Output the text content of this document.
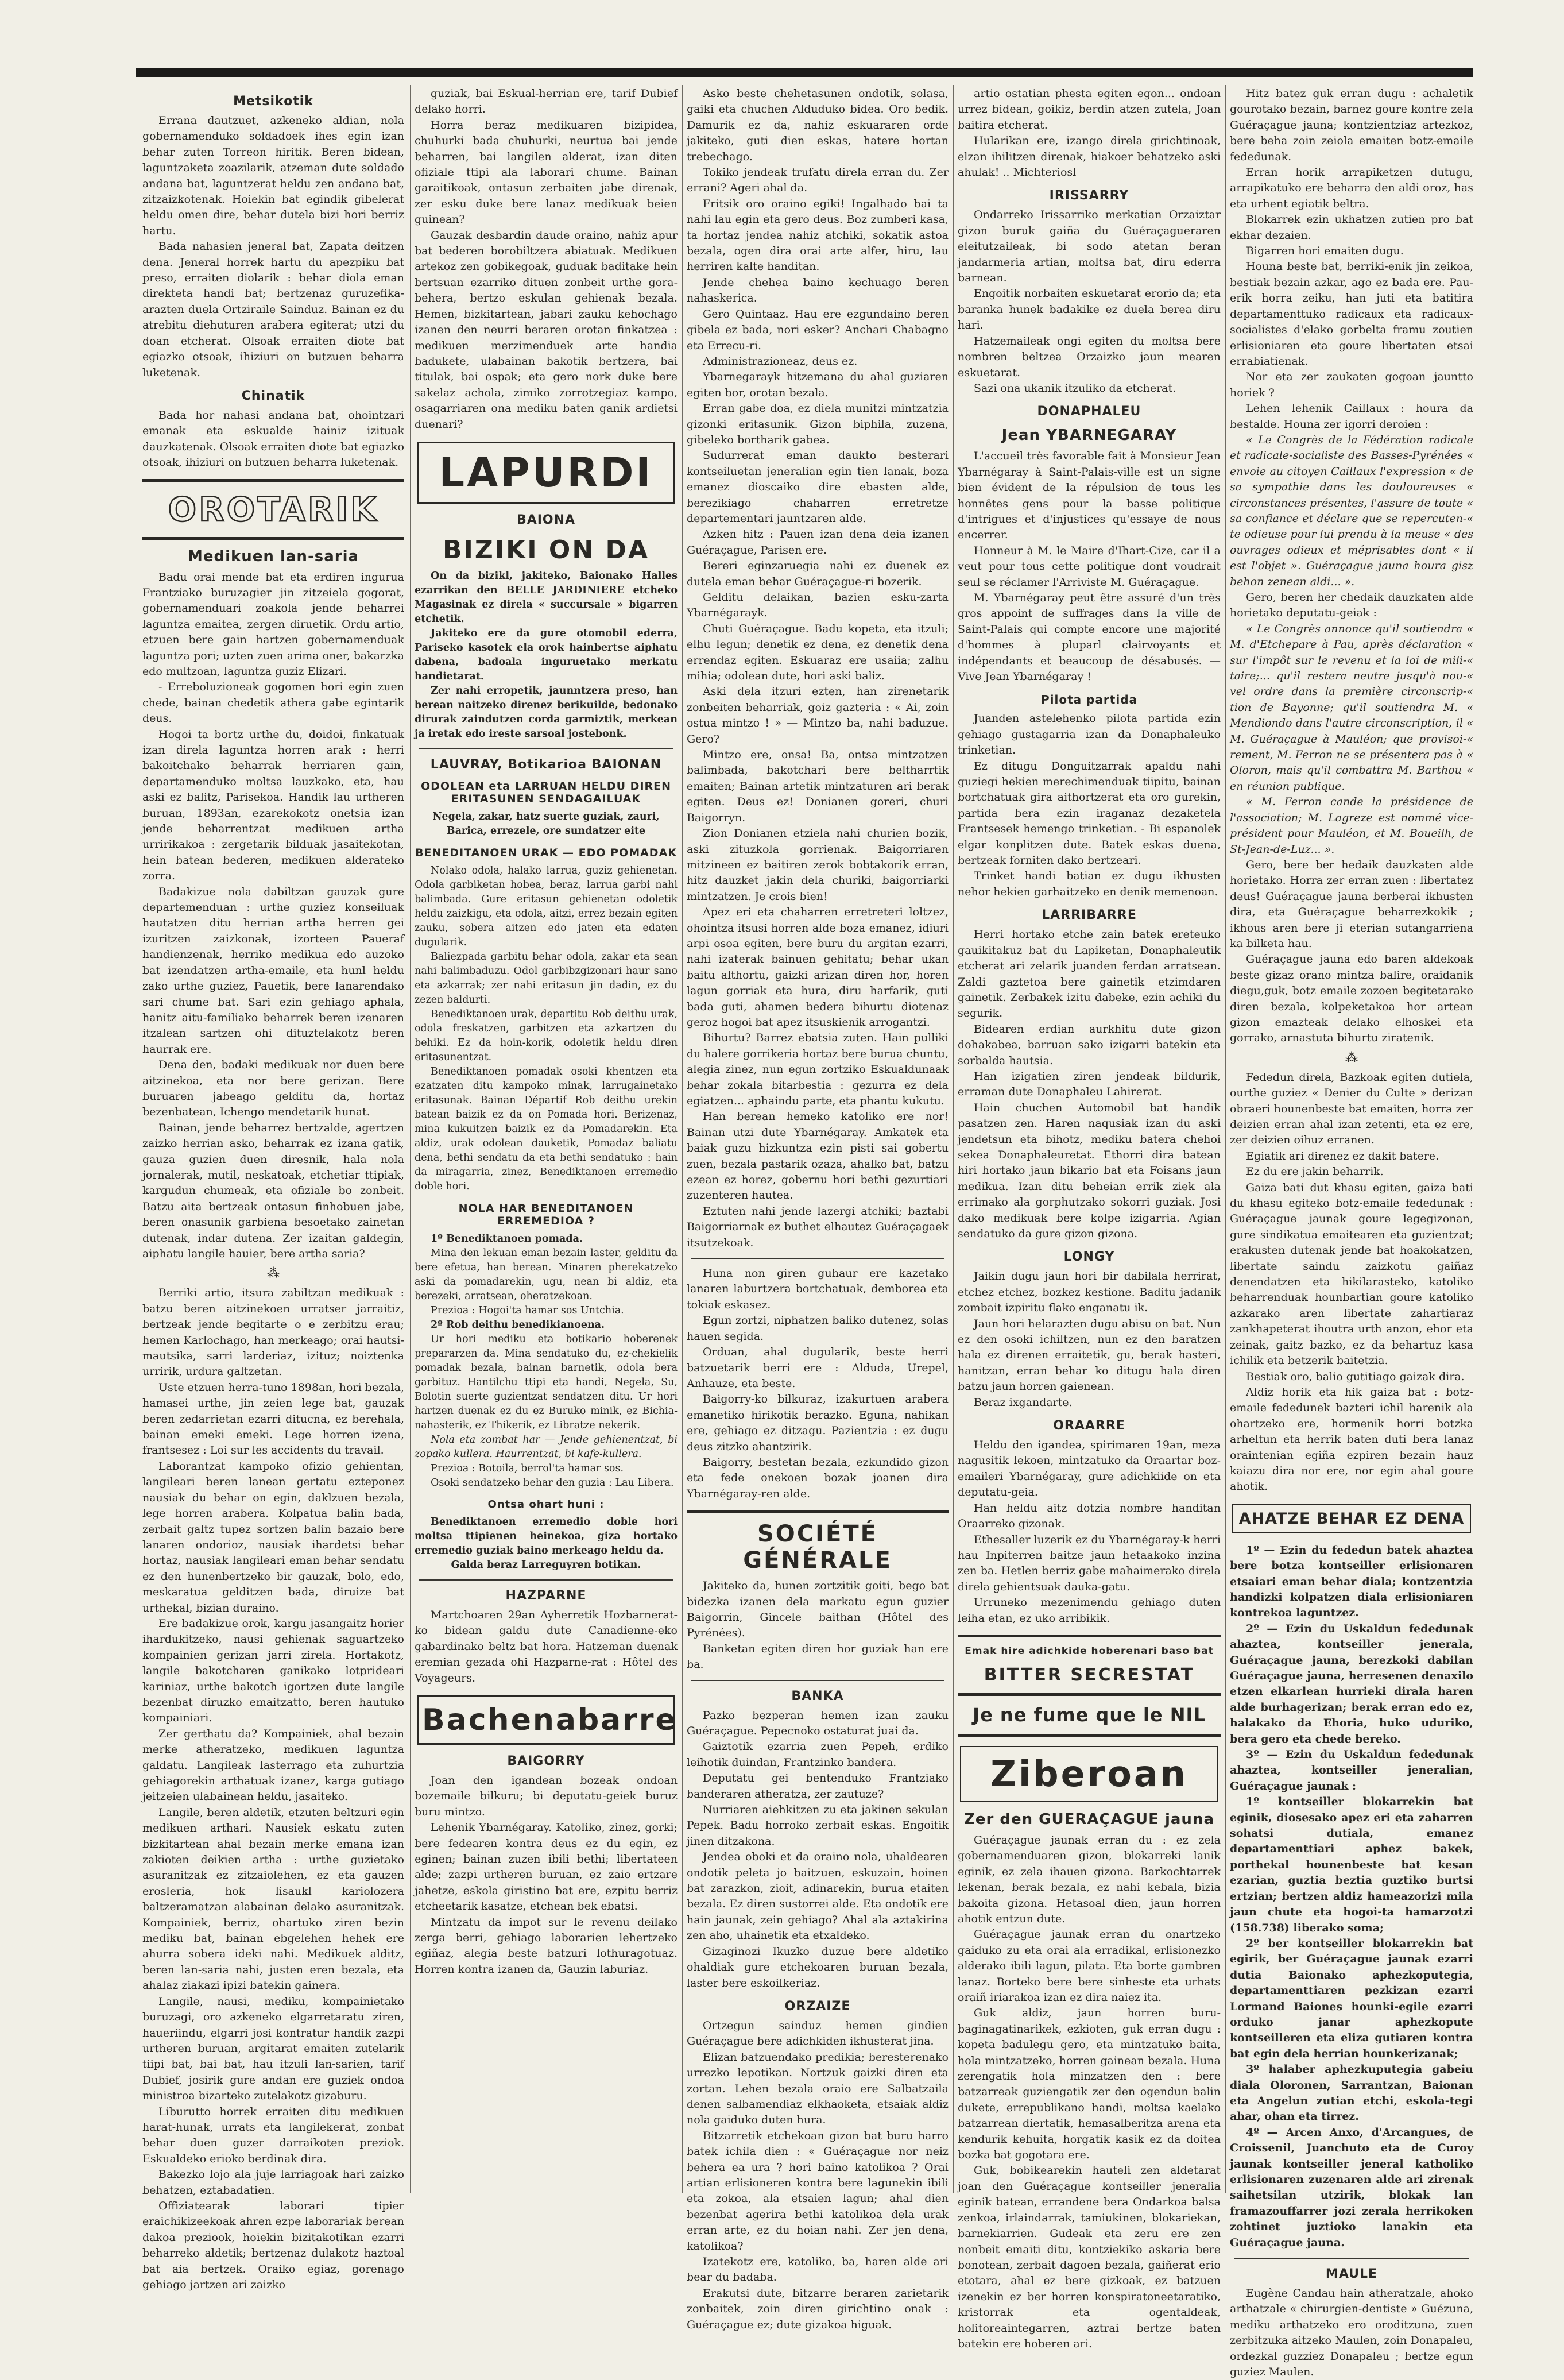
Metsikotik

Errana dautzuet, azkeneko aldian, nola gobernamenduko soldadoek ihes egin izan behar zuten Torreon hiritik. Beren bidean, laguntzaketa zoazilarik, atzeman dute soldado andana bat, laguntzerat heldu zen andana bat, zitzaizkotenak. Hoiekin bat egindik gibelerat heldu omen dire, behar dutela bizi hori berriz hartu.

Bada nahasien jeneral bat, Zapata deitzen dena. Jeneral horrek hartu du apezpiku bat preso, erraiten diolarik : behar diola eman direkteta handi bat; bertzenaz guruzefika-arazten duela Ortziraile Sainduz. Bainan ez du atrebitu diehuturen arabera egiterat; utzi du doan etcherat. Olsoak erraiten diote bat egiazko otsoak, ihiziuri on butzuen beharra luketenak.

Chinatik

Bada hor nahasi andana bat, ohointzari emanak eta eskualde hainiz izituak dauzkatenak. Olsoak erraiten diote bat egiazko otsoak, ihiziuri on butzuen beharra luketenak.

OROTARIK
Medikuen lan-saria

Badu orai mende bat eta erdiren ingurua Frantziako buruzagier jin zitzeiela gogorat, gobernamenduari zoakola jende beharrei laguntza emaitea, zergen diruetik. Ordu artio, etzuen bere gain hartzen gobernamenduak laguntza pori; uzten zuen arima oner, bakarzka edo multzoan, laguntza guziz Elizari.

- Erreboluzioneak gogomen hori egin zuen chede, bainan chedetik athera gabe egintarik deus.

Hogoi ta bortz urthe du, doidoi, finkatuak izan direla laguntza horren arak : herri bakoitchako beharrak herriaren gain, departamenduko moltsa lauzkako, eta, hau aski ez balitz, Parisekoa. Handik lau urtheren buruan, 1893an, ezarekokotz onetsia izan jende beharrentzat medikuen artha urririkakoa : zergetarik bilduak jasaitekotan, hein batean bederen, medikuen alderateko zorra.

Badakizue nola dabiltzan gauzak gure departemenduan : urthe guziez konseiluak hautatzen ditu herrian artha herren gei izuritzen zaizkonak, izorteen Paueraf handienzenak, herriko medikua edo auzoko bat izendatzen artha-emaile, eta hunl heldu zako urthe guziez, Pauetik, bere lanarendako sari chume bat. Sari ezin gehiago aphala, hanitz aitu-familiako beharrek beren izenaren itzalean sartzen ohi dituztelakotz beren haurrak ere.

Dena den, badaki medikuak nor duen bere aitzinekoa, eta nor bere gerizan. Bere buruaren jabeago gelditu da, hortaz bezenbatean, Ichengo mendetarik hunat.

Bainan, jende beharrez bertzalde, agertzen zaizko herrian asko, beharrak ez izana gatik, gauza guzien duen diresnik, hala nola jornalerak, mutil, neskatoak, etchetiar ttipiak, kargudun chumeak, eta ofiziale bo zonbeit. Batzu aita bertzeak ontasun finhobuen jabe, beren onasunik garbiena besoetako zainetan dutenak, indar dutena. Zer izaitan galdegin, aiphatu langile hauier, bere artha saria?

⁂

Berriki artio, itsura zabiltzan medikuak : batzu beren aitzinekoen urratser jarraitiz, bertzeak jende begitarte o e zerbitzu erau; hemen Karlochago, han merkeago; orai hautsi-mautsika, sarri larderiaz, izituz; noiztenka urririk, urdura galtzetan.

Uste etzuen herra-tuno 1898an, hori bezala, hamasei urthe, jin zeien lege bat, gauzak beren zedarrietan ezarri ditucna, ez berehala, bainan emeki emeki. Lege horren izena, frantsesez : Loi sur les accidents du travail.

Laborantzat kampoko ofizio gehientan, langileari beren lanean gertatu ezteponez nausiak du behar on egin, daklzuen bezala, lege horren arabera. Kolpatua balin bada, zerbait galtz tupez sortzen balin bazaio bere lanaren ondorioz, nausiak ihardetsi behar hortaz, nausiak langileari eman behar sendatu ez den hunenbertzeko bir gauzak, bolo, edo, meskaratua gelditzen bada, diruize bat urthekal, bizian duraino.

Ere badakizue orok, kargu jasangaitz horier ihardukitzeko, nausi gehienak saguartzeko kompainien gerizan jarri zirela. Hortakotz, langile bakotcharen ganikako lotprideari kariniaz, urthe bakotch igortzen dute langile bezenbat diruzko emaitzatto, beren hautuko kompainiari.

Zer gerthatu da? Kompainiek, ahal bezain merke atheratzeko, medikuen laguntza galdatu. Langileak lasterrago eta zuhurtzia gehiagorekin arthatuak izanez, karga gutiago jeitzeien ulabainean heldu, jasaiteko.

Langile, beren aldetik, etzuten beltzuri egin medikuen arthari. Nausiek eskatu zuten bizkitartean ahal bezain merke emana izan zakioten deikien artha : urthe guzietako asuranitzak ez zitzaiolehen, ez eta gauzen erosleria, hok lisaukl kariolozera baltzeramatzan alabainan delako asuranitzak. Kompainiek, berriz, ohartuko ziren bezin mediku bat, bainan ebgelehen hehek ere ahurra sobera ideki nahi. Medikuek alditz, beren lan-saria nahi, justen eren bezala, eta ahalaz ziakazi ipizi batekin gainera.

Langile, nausi, mediku, kompainietako buruzagi, oro azkeneko elgarretaratu ziren, haueriindu, elgarri josi kontratur handik zazpi urtheren buruan, argitarat emaiten zutelarik tiipi bat, bai bat, hau itzuli lan-sarien, tarif Dubief, josirik gure andan ere guziek ondoa ministroa bizarteko zutelakotz gizaburu.

Liburutto horrek erraiten ditu medikuen harat-hunak, urrats eta langilekerat, zonbat behar duen guzer darraikoten preziok. Eskualdeko erioko berdinak dira.

Bakezko lojo ala juje larriagoak hari zaizko behatzen, eztabadatien.

Offiziatearak laborari tipier eraichikizeekoak ahren ezpe laborariak berean dakoa preziook, hoiekin bizitakotikan ezarri beharreko aldetik; bertzenaz dulakotz haztoal bat aia bertzek. Oraiko egiaz, gorenago gehiago jartzen ari zaizko

guziak, bai Eskual-herrian ere, tarif Dubief delako horri.

Horra beraz medikuaren bizipidea, chuhurki bada chuhurki, neurtua bai jende beharren, bai langilen alderat, izan diten ofiziale ttipi ala laborari chume. Bainan garaitikoak, ontasun zerbaiten jabe direnak, zer esku duke bere lanaz medikuak beien guinean?

Gauzak desbardin daude oraino, nahiz apur bat bederen borobiltzera abiatuak. Medikuen artekoz zen gobikegoak, guduak baditake hein bertsuan ezarriko dituen zonbeit urthe gora-behera, bertzo eskulan gehienak bezala. Hemen, bizkitartean, jabari zauku kehochago izanen den neurri beraren orotan finkatzea : medikuen merzimenduek arte handia badukete, ulabainan bakotik bertzera, bai titulak, bai ospak; eta gero nork duke bere sakelaz achola, zimiko zorrotzegiaz kampo, osagarriaren ona mediku baten ganik ardietsi duenari?

LAPURDI
BAIONA
BIZIKI ON DA

On da bizikl, jakiteko, Baionako Halles ezarrikan den BELLE JARDINIERE etcheko Magasinak ez direla « succursale » bigarren etchetik.

Jakiteko ere da gure otomobil ederra, Pariseko kasotek ela orok hainbertse aiphatu dabena, badoala inguruetako merkatu handietarat.

Zer nahi erropetik, jaunntzera preso, han berean naitzeko direnez berikuilde, bedonako dirurak zaindutzen corda garmiztik, merkean ja iretak edo ireste sarsoal jostebonk.

LAUVRAY, Botikarioa BAIONAN
ODOLEAN eta LARRUAN HELDU DIREN ERITASUNEN SENDAGAILUAK

Negela, zakar, hatz suerte guziak, zauri, Barica, errezele, ore sundatzer eite

BENEDITANOEN URAK — EDO POMADAK

Nolako odola, halako larrua, guziz gehienetan. Odola garbiketan hobea, beraz, larrua garbi nahi balimbada. Gure eritasun gehienetan odoletik heldu zaizkigu, eta odola, aitzi, errez bezain egiten zauku, sobera aitzen edo jaten eta edaten dugularik.

Baliezpada garbitu behar odola, zakar eta sean nahi balimbaduzu. Odol garbibzgizonari haur sano eta azkarrak; zer nahi eritasun jin dadin, ez du zezen baldurti.

Benediktanoen urak, departitu Rob deithu urak, odola freskatzen, garbitzen eta azkartzen du behiki. Ez da hoin-korik, odoletik heldu diren eritasunentzat.

Benediktanoen pomadak osoki khentzen eta ezatzaten ditu kampoko minak, larrugainetako eritasunak. Bainan Départif Rob deithu urekin batean baizik ez da on Pomada hori. Berizenaz, mina kukuitzen baizik ez da Pomadarekin. Eta aldiz, urak odolean dauketik, Pomadaz baliatu dena, bethi sendatu da eta bethi sendatuko : hain da miragarria, zinez, Benediktanoen erremedio doble hori.

NOLA HAR BENEDITANOEN ERREMEDIOA ?

1º Benediktanoen pomada.

Mina den lekuan eman bezain laster, gelditu da bere efetua, han berean. Minaren pherekatzeko aski da pomadarekin, ugu, nean bi aldiz, eta berezeki, arratsean, oheratzekoan.

Prezioa : Hogoi'ta hamar sos Untchia.

2º Rob deithu benedikianoena.

Ur hori mediku eta botikario hoberenek prepararzen da. Mina sendatuko du, ez-chekielik pomadak bezala, bainan barnetik, odola bera garbituz. Hantilchu ttipi eta handi, Negela, Su, Bolotin suerte guzientzat sendatzen ditu. Ur hori hartzen duenak ez du ez Buruko minik, ez Bichia-nahasterik, ez Thikerik, ez Libratze nekerik.

Nola eta zombat har — Jende gehienentzat, bi zopako kullera. Haurrentzat, bi kafe-kullera.

Prezioa : Botoila, berrol'ta hamar sos.

Osoki sendatzeko behar den guzia : Lau Libera.

Ontsa ohart huni :

Benediktanoen erremedio doble hori moltsa ttipienen heinekoa, giza hortako erremedio guziak baino merkeago heldu da.

Galda beraz Larreguyren botikan.

HAZPARNE

Martchoaren 29an Ayherretik Hozbarnerat-ko bidean galdu dute Canadienne-eko gabardinako beltz bat hora. Hatzeman duenak eremian gezada ohi Hazparne-rat : Hôtel des Voyageurs.

Bachenabarre
BAIGORRY

Joan den igandean bozeak ondoan bozemaile bilkuru; bi deputatu-geiek buruz buru mintzo.

Lehenik Ybarnégaray. Katoliko, zinez, gorki; bere fedearen kontra deus ez du egin, ez eginen; bainan zuzen ibili bethi; libertateen alde; zazpi urtheren buruan, ez zaio ertzare jahetze, eskola giristino bat ere, ezpitu berriz etcheetarik kasatze, etchean bek ebatsi.

Mintzatu da impot sur le revenu deilako zerga berri, gehiago laborarien lehertzeko egiñaz, alegia beste batzuri lothuragotuaz. Horren kontra izanen da, Gauzin laburiaz.

Asko beste chehetasunen ondotik, solasa, gaiki eta chuchen Alduduko bidea. Oro bedik. Damurik ez da, nahiz eskuararen orde jakiteko, guti dien eskas, hatere hortan trebechago.

Tokiko jendeak trufatu direla erran du. Zer errani? Ageri ahal da.

Fritsik oro oraino egiki! Ingalhado bai ta nahi lau egin eta gero deus. Boz zumberi kasa, ta hortaz jendea nahiz atchiki, sokatik astoa bezala, ogen dira orai arte alfer, hiru, lau herriren kalte handitan.

Jende chehea baino kechuago beren nahaskerica.

Gero Quintaaz. Hau ere ezgundaino beren gibela ez bada, nori esker? Anchari Chabagno eta Errecu-ri.

Administrazioneaz, deus ez.

Ybarnegarayk hitzemana du ahal guziaren egiten bor, orotan bezala.

Erran gabe doa, ez diela munitzi mintzatzia gizonki eritasunik. Gizon biphila, zuzena, gibeleko bortharik gabea.

Sudurrerat eman daukto besterari kontseiluetan jeneralian egin tien lanak, boza emanez dioscaiko dire ebasten alde, berezikiago chaharren erretretze departementari jauntzaren alde.

Azken hitz : Pauen izan dena deia izanen Guéraçague, Parisen ere.

Bereri eginzaruegia nahi ez duenek ez dutela eman behar Guéraçague-ri bozerik.

Gelditu delaikan, bazien esku-zarta Ybarnégarayk.

Chuti Guéraçague. Badu kopeta, eta itzuli; elhu legun; denetik ez dena, ez denetik dena errendaz egiten. Eskuaraz ere usaiia; zalhu mihia; odolean dute, hori aski baliz.

Aski dela itzuri ezten, han zirenetarik zonbeiten beharriak, goiz gazteria : « Ai, zoin ostua mintzo ! » — Mintzo ba, nahi baduzue. Gero?

Mintzo ere, onsa! Ba, ontsa mintzatzen balimbada, bakotchari bere beltharrtik emaiten; Bainan artetik mintzaturen ari berak egiten. Deus ez! Donianen goreri, churi Baigorryn.

Zion Donianen etziela nahi churien bozik, aski zituzkola gorrienak. Baigorriaren mitzineen ez baitiren zerok bobtakorik erran, hitz dauzket jakin dela churiki, baigorriarki mintzatzen. Je crois bien!

Apez eri eta chaharren erretreteri loltzez, ohointza itsusi horren alde boza emanez, idiuri arpi osoa egiten, bere buru du argitan ezarri, nahi izaterak bainuen gehitatu; behar ukan baitu althortu, gaizki arizan diren hor, horen lagun gorriak eta hura, diru harfarik, guti bada guti, ahamen bedera bihurtu diotenaz geroz hogoi bat apez itsuskienik arrogantzi.

Bihurtu? Barrez ebatsia zuten. Hain pulliki du halere gorrikeria hortaz bere burua chuntu, alegia zinez, nun egun zortziko Eskualdunaak behar zokala bitarbestia : gezurra ez dela egiatzen... aphaindu parte, eta phantu kukutu.

Han berean hemeko katoliko ere nor! Bainan utzi dute Ybarnégaray. Amkatek eta baiak guzu hizkuntza ezin pisti sai gobertu zuen, bezala pastarik ozaza, ahalko bat, batzu ezean ez horez, gobernu hori bethi gezurtiari zuzenteren hautea.

Eztuten nahi jende lazergi atchiki; baztabi Baigorriarnak ez buthet elhautez Guéraçagaek itsutzekoak.

Huna non giren guhaur ere kazetako lanaren laburtzera bortchatuak, demborea eta tokiak eskasez.

Egun zortzi, niphatzen baliko dutenez, solas hauen segida.

Orduan, ahal dugularik, beste herri batzuetarik berri ere : Alduda, Urepel, Anhauze, eta beste.

Baigorry-ko bilkuraz, izakurtuen arabera emanetiko hirikotik berazko. Eguna, nahikan ere, gehiago ez ditzagu. Pazientzia : ez dugu deus zitzko ahantzirik.

Baigorry, bestetan bezala, ezkundido gizon eta fede onekoen bozak joanen dira Ybarnégaray-ren alde.

SOCIÉTÉ GÉNÉRALE

Jakiteko da, hunen zortzitik goiti, bego bat bidezka izanen dela markatu egun guzier Baigorrin, Gincele baithan (Hôtel des Pyrénées).

Banketan egiten diren hor guziak han ere ba.

BANKA

Pazko bezperan hemen izan zauku Guéraçague. Pepecnoko ostaturat juai da.

Gaiztotik ezarria zuen Pepeh, erdiko leihotik duindan, Frantzinko bandera.

Deputatu gei bentenduko Frantziako banderaren atheratza, zer zautuze?

Nurriaren aiehkitzen zu eta jakinen sekulan Pepek. Badu horroko zerbait eskas. Engoitik jinen ditzakona.

Jendea oboki et da oraino nola, uhaldearen ondotik peleta jo baitzuen, eskuzain, hoinen bat zarazkon, zioit, adinarekin, burua etaiten bezala. Ez diren sustorrei alde. Eta ondotik ere hain jaunak, zein gehiago? Ahal ala aztakirina zen aho, uhainetik eta etxaldeko.

Gizaginozi Ikuzko duzue bere aldetiko ohaldiak gure etchekoaren buruan bezala, laster bere eskoilkeriaz.

ORZAIZE

Ortzegun sainduz hemen gindien Guéraçague bere adichkiden ikhusterat jina.

Elizan batzuendako predikia; beresterenako urrezko lepotikan. Nortzuk gaizki diren eta zortan. Lehen bezala oraio ere Salbatzaila denen salbamendiaz elkhaoketa, etsaiak aldiz nola gaiduko duten hura.

Bitzarretik etchekoan gizon bat buru harro batek ichila dien : « Guéraçague nor neiz behera ea ura ? hori baino katolikoa ? Orai artian erlisioneren kontra bere lagunekin ibili eta zokoa, ala etsaien lagun; ahal dien bezenbat agerira bethi katolikoa dela urak erran arte, ez du hoian nahi. Zer jen dena, katolikoa?

Izatekotz ere, katoliko, ba, haren alde ari bear du badaba.

Erakutsi dute, bitzarre beraren zarietarik zonbaitek, zoin diren girichtino onak : Guéraçague ez; dute gizakoa higuak.

artio ostatian phesta egiten egon... ondoan urrez bidean, goikiz, berdin atzen zutela, Joan baitira etcherat.

Hularikan ere, izango direla girichtinoak, elzan ihilitzen direnak, hiakoer behatzeko aski ahulak! .. Michteriosl

IRISSARRY

Ondarreko Irissarriko merkatian Orzaiztar gizon buruk gaiña du Guéraçagueraren eleitutzaileak, bi sodo atetan beran jandarmeria artian, moltsa bat, diru ederra barnean.

Engoitik norbaiten eskuetarat erorio da; eta baranka hunek badakike ez duela berea diru hari.

Hatzemaileak ongi egiten du moltsa bere nombren beltzea Orzaizko jaun mearen eskuetarat.

Sazi ona ukanik itzuliko da etcherat.

DONAPHALEU
Jean YBARNEGARAY

L'accueil très favorable fait à Monsieur Jean Ybarnégaray à Saint-Palais-ville est un signe bien évident de la répulsion de tous les honnêtes gens pour la basse politique d'intrigues et d'injustices qu'essaye de nous encerrer.

Honneur à M. le Maire d'Ihart-Cize, car il a veut pour tous cette politique dont voudrait seul se réclamer l'Arriviste M. Guéraçague.

M. Ybarnégaray peut être assuré d'un très gros appoint de suffrages dans la ville de Saint-Palais qui compte encore une majorité d'hommes à pluparl clairvoyants et indépendants et beaucoup de désabusés. — Vive Jean Ybarnégaray !

Pilota partida

Juanden astelehenko pilota partida ezin gehiago gustagarria izan da Donaphaleuko trinketian.

Ez ditugu Donguitzarrak apaldu nahi guziegi hekien merechimenduak tiipitu, bainan bortchatuak gira aithortzerat eta oro gurekin, partida bera ezin iraganaz dezaketela Frantsesek hemengo trinketian. - Bi espanolek elgar konplitzen dute. Batek eskas duena, bertzeak forniten dako bertzeari.

Trinket handi batian ez dugu ikhusten nehor hekien garhaitzeko en denik memenoan.

LARRIBARRE

Herri hortako etche zain batek ereteuko gauikitakuz bat du Lapiketan, Donaphaleutik etcherat ari zelarik juanden ferdan arratsean. Zaldi gaztetoa bere gainetik etzimdaren gainetik. Zerbakek izitu dabeke, ezin achiki du segurik.

Bidearen erdian aurkhitu dute gizon dohakabea, barruan sako izigarri batekin eta sorbalda hautsia.

Han izigatien ziren jendeak bildurik, erraman dute Donaphaleu Lahirerat.

Hain chuchen Automobil bat handik pasatzen zen. Haren naqusiak izan du aski jendetsun eta bihotz, mediku batera chehoi sekea Donaphaleuretat. Ethorri dira batean hiri hortako jaun bikario bat eta Foisans jaun medikua. Izan ditu beheian errik ziek ala errimako ala gorphutzako sokorri guziak. Josi dako medikuak bere kolpe izigarria. Agian sendatuko da gure gizon gizona.

LONGY

Jaikin dugu jaun hori bir dabilala herrirat, etchez etchez, bozkez kestione. Baditu jadanik zombait izpiritu flako enganatu ik.

Jaun hori helarazten dugu abisu on bat. Nun ez den osoki ichiltzen, nun ez den baratzen hala ez direnen erraitetik, gu, berak hasteri, hanitzan, erran behar ko ditugu hala diren batzu jaun horren gaienean.

Beraz ixgandarte.

ORAARRE

Heldu den igandea, spirimaren 19an, meza nagusitik lekoen, mintzatuko da Oraartar boz-emaileri Ybarnégaray, gure adichkiide on eta deputatu-geia.

Han heldu aitz dotzia nombre handitan Oraarreko gizonak.

Ethesaller luzerik ez du Ybarnégaray-k herri hau Inpiterren baitze jaun hetaakoko inzina zen ba. Hetlen berriz gabe mahaimerako direla direla gehientsuak dauka-gatu.

Urruneko mezenimendu gehiago duten leiha etan, ez uko arribikik.

Emak hire adichkide hoberenari baso bat
BITTER SECRESTAT
Je ne fume que le NIL
Ziberoan
Zer den GUERAÇAGUE jauna

Guéraçague jaunak erran du : ez zela gobernamenduaren gizon, blokarreki lanik eginik, ez zela ihauen gizona. Barkochtarrek lekenan, berak bezala, ez nahi kebala, bizia bakoita gizona. Hetasoal dien, jaun horren ahotik entzun dute.

Guéraçague jaunak erran du onartzeko gaiduko zu eta orai ala erradikal, erlisionezko alderako ibili lagun, pilata. Eta borte gambren lanaz. Borteko bere bere sinheste eta urhats oraiñ iriarakoa izan ez dira naiez ita.

Guk aldiz, jaun horren buru-baginagatinarikek, ezkioten, guk erran dugu : kopeta badulegu gero, eta mintzatuko baita, hola mintzatzeko, horren gainean bezala. Huna zerengatik hola minzatzen den : bere batzarreak guziengatik zer den ogendun balin dukete, errepublikano handi, moltsa kaelako batzarrean diertatik, hemasalberitza arena eta kendurik kehuita, horgatik kasik ez da doitea bozka bat gogotara ere.

Guk, bobikearekin hauteli zen aldetarat joan den Guéraçague kontseiller jeneralia eginik batean, errandene bera Ondarkoa balsa zenkoa, irlaindarrak, tamiukinen, blokariekan, barnekiarrien. Gudeak eta zeru ere zen nonbeit emaiti ditu, kontziekiko askaria bere bonotean, zerbait dagoen bezala, gaiñerat erio etotara, ahal ez bere gizkoak, ez batzuen izenekin ez ber horren konspiratoneetaratiko, kristorrak eta ogentaldeak, holitoreaintegarren, aztrai bertze baten batekin ere hoberen ari.

Hitz batez guk erran dugu : achaletik gourotako bezain, barnez goure kontre zela Guéraçague jauna; kontzientziaz artezkoz, bere beha zoin zeiola emaiten botz-emaile fededunak.

Erran horik arrapiketzen dutugu, arrapikatuko ere beharra den aldi oroz, has eta urhent egiatik beltra.

Blokarrek ezin ukhatzen zutien pro bat ekhar dezaien.

Bigarren hori emaiten dugu.

Houna beste bat, berriki-enik jin zeikoa, bestiak bezain azkar, ago ez bada ere. Pau-erik horra zeiku, han juti eta batitira departamenttuko radicaux eta radicaux-socialistes d'elako gorbelta framu zoutien erlisioniaren eta goure libertaten etsai errabiatienak.

Nor eta zer zaukaten gogoan jauntto horiek ?

Lehen lehenik Caillaux : houra da bestalde. Houna zer igorri deroien :

« Le Congrès de la Fédération radicale et radicale-socialiste des Basses-Pyrénées « envoie au citoyen Caillaux l'expression « de sa sympathie dans les douloureuses « circonstances présentes, l'assure de toute « sa confiance et déclare que se repercuten-« te odieuse pour lui prendu à la meuse « des ouvrages odieux et méprisables dont « il est l'objet ». Guéraçague jauna houra gisz behon zenean aldi... ».

Gero, beren her chedaik dauzkaten alde horietako deputatu-geiak :

« Le Congrès annonce qu'il soutiendra « M. d'Etchepare à Pau, après déclaration « sur l'impôt sur le revenu et la loi de mili-« taire;... qu'il restera neutre jusqu'à nou-« vel ordre dans la première circonscrip-« tion de Bayonne; qu'il soutiendra M. « Mendiondo dans l'autre circonscription, il « M. Guéraçague à Mauléon; que provisoi-« rement, M. Ferron ne se présentera pas à « Oloron, mais qu'il combattra M. Barthou « en réunion publique.

« M. Ferron cande la présidence de l'association; M. Lagreze est nommé vice-président pour Mauléon, et M. Boueilh, de St-Jean-de-Luz... ».

Gero, bere ber hedaik dauzkaten alde horietako. Horra zer erran zuen : libertatez deus! Guéraçague jauna berberai ikhusten dira, eta Guéraçague beharrezkokik ; ikhous aren bere ji eterian sutangarriena ka bilketa hau.

Guéraçague jauna edo baren aldekoak beste gizaz orano mintza balire, oraidanik diegu,guk, botz emaile zozoen begitetarako diren bezala, kolpeketakoa hor artean gizon emazteak delako elhoskei eta gorrako, arnastuta bihurtu ziratenik.

⁂

Fededun direla, Bazkoak egiten dutiela, ourthe guziez « Denier du Culte » derizan obraeri hounenbeste bat emaiten, horra zer deizien erran ahal izan zetenti, eta ez ere, zer deizien oihuz erranen.

Egiatik ari direnez ez dakit batere.

Ez du ere jakin beharrik.

Gaiza bati dut khasu egiten, gaiza bati du khasu egiteko botz-emaile fededunak : Guéraçague jaunak goure legegizonan, gure sindikatua emaitearen eta guzientzat; erakusten dutenak jende bat hoakokatzen, libertate saindu zaizkotu gaiñaz denendatzen eta hikilarasteko, katoliko beharrenduak hounbartian goure katoliko azkarako aren libertate zahartiaraz zankhapeterat ihoutra urth anzon, ehor eta zeinak, gaitz bazko, ez da behartuz kasa ichilik eta betzerik baitetzia.

Bestiak oro, balio gutitiago gaizak dira.

Aldiz horik eta hik gaiza bat : botz-emaile fededunek bazteri ichil harenik ala ohartzeko ere, hormenik horri botzka arheltun eta herrik baten duti bera lanaz oraintenian egiña ezpiren bezain hauz kaiazu dira nor ere, nor egin ahal goure ahotik.

AHATZE BEHAR EZ DENA

1º — Ezin du fededun batek ahaztea bere botza kontseiller erlisionaren etsaiari eman behar diala; kontzentzia handizki kolpatzen diala erlisioniaren kontrekoa laguntzez.

2º — Ezin du Uskaldun fededunak ahaztea, kontseiller jenerala, Guéraçague jauna, berezkoki dabilan Guéraçague jauna, herresenen denaxilo etzen elkarlean hurrieki dirala haren alde burhagerizan; berak erran edo ez, halakako da Ehoria, huko uduriko, bera gero eta chede bereko.

3º — Ezin du Uskaldun fededunak ahaztea, kontseiller jeneralian, Guéraçague jaunak :

1º kontseiller blokarrekin bat eginik, diosesako apez eri eta zaharren sohatsi dutiala, emanez departamenttiari aphez bakek, porthekal hounenbeste bat kesan ezarian, guztia beztia guztiko burtsi ertzian; bertzen aldiz hameazorizi mila jaun chute eta hogoi-ta hamarzotzi (158.738) liberako soma;

2º ber kontseiller blokarrekin bat egirik, ber Guéraçague jaunak ezarri dutia Baionako aphezkoputegia, departamenttiaren pezkizan ezarri Lormand Baiones hounki-egile ezarri orduko janar aphezkopute kontseilleren eta eliza gutiaren kontra bat egin dela herrian hounkerizanak;

3º halaber aphezkuputegia gabeiu diala Oloronen, Sarrantzan, Baionan eta Angelun zutian etchi, eskola-tegi ahar, ohan eta tirrez.

4º — Arcen Anxo, d'Arcangues, de Croissenil, Juanchuto eta de Curoy jaunak kontseiller jeneral katholiko erlisionaren zuzenaren alde ari zirenak saihetsilan utzirik, blokak lan framazouffarrer jozi zerala herrikoken zohtinet juztioko lanakin eta Guéraçague jauna.

MAULE

Eugène Candau hain atheratzale, ahoko arthatzale « chirurgien-dentiste » Guézuna, mediku arthatzeko ero oroditzuna, zuen zerbitzuka aitzeko Maulen, zoin Donapaleu, ordezkal guzziez Donapaleu ; bertze egun guziez Maulen.
